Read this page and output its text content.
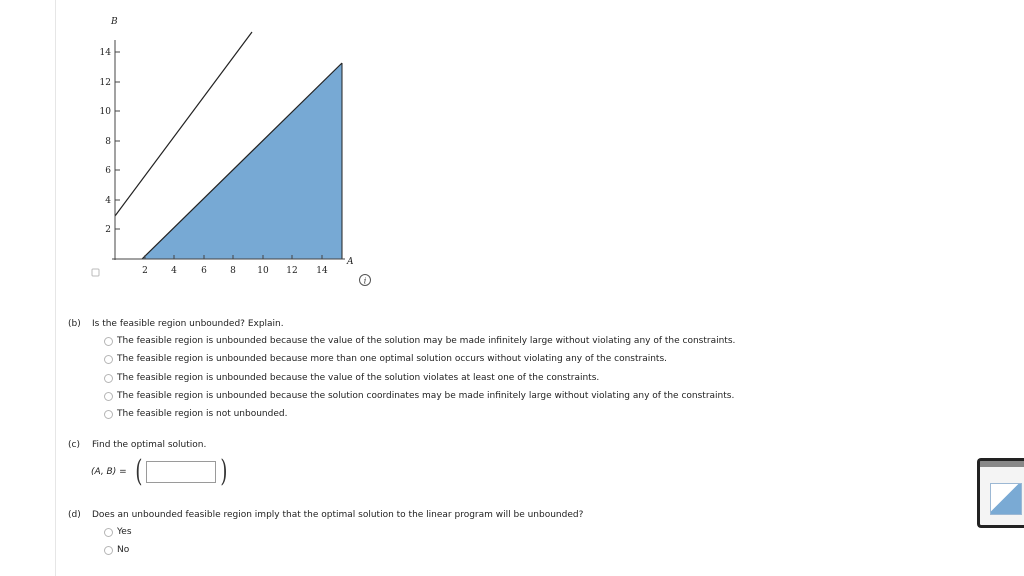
B
A
14
12
10
8
6
4
2
2	4	6	8 10 12 14
i
(b) Is the feasible region unbounded? Explain.
The feasible region is unbounded because the value of the solution may be made infinitely large without violating any of the constraints.
The feasible region is unbounded because more than one optimal solution occurs without violating any of the constraints.
The feasible region is unbounded because the value of the solution violates at least one of the constraints.
The feasible region is unbounded because the solution coordinates may be made infinitely large without violating any of the constraints.
The feasible region is not unbounded.
(c) Find the optimal solution.
(A, B) = (	)
(d) Does an unbounded feasible region imply that the optimal solution to the linear program will be unbounded?
Yes
No
